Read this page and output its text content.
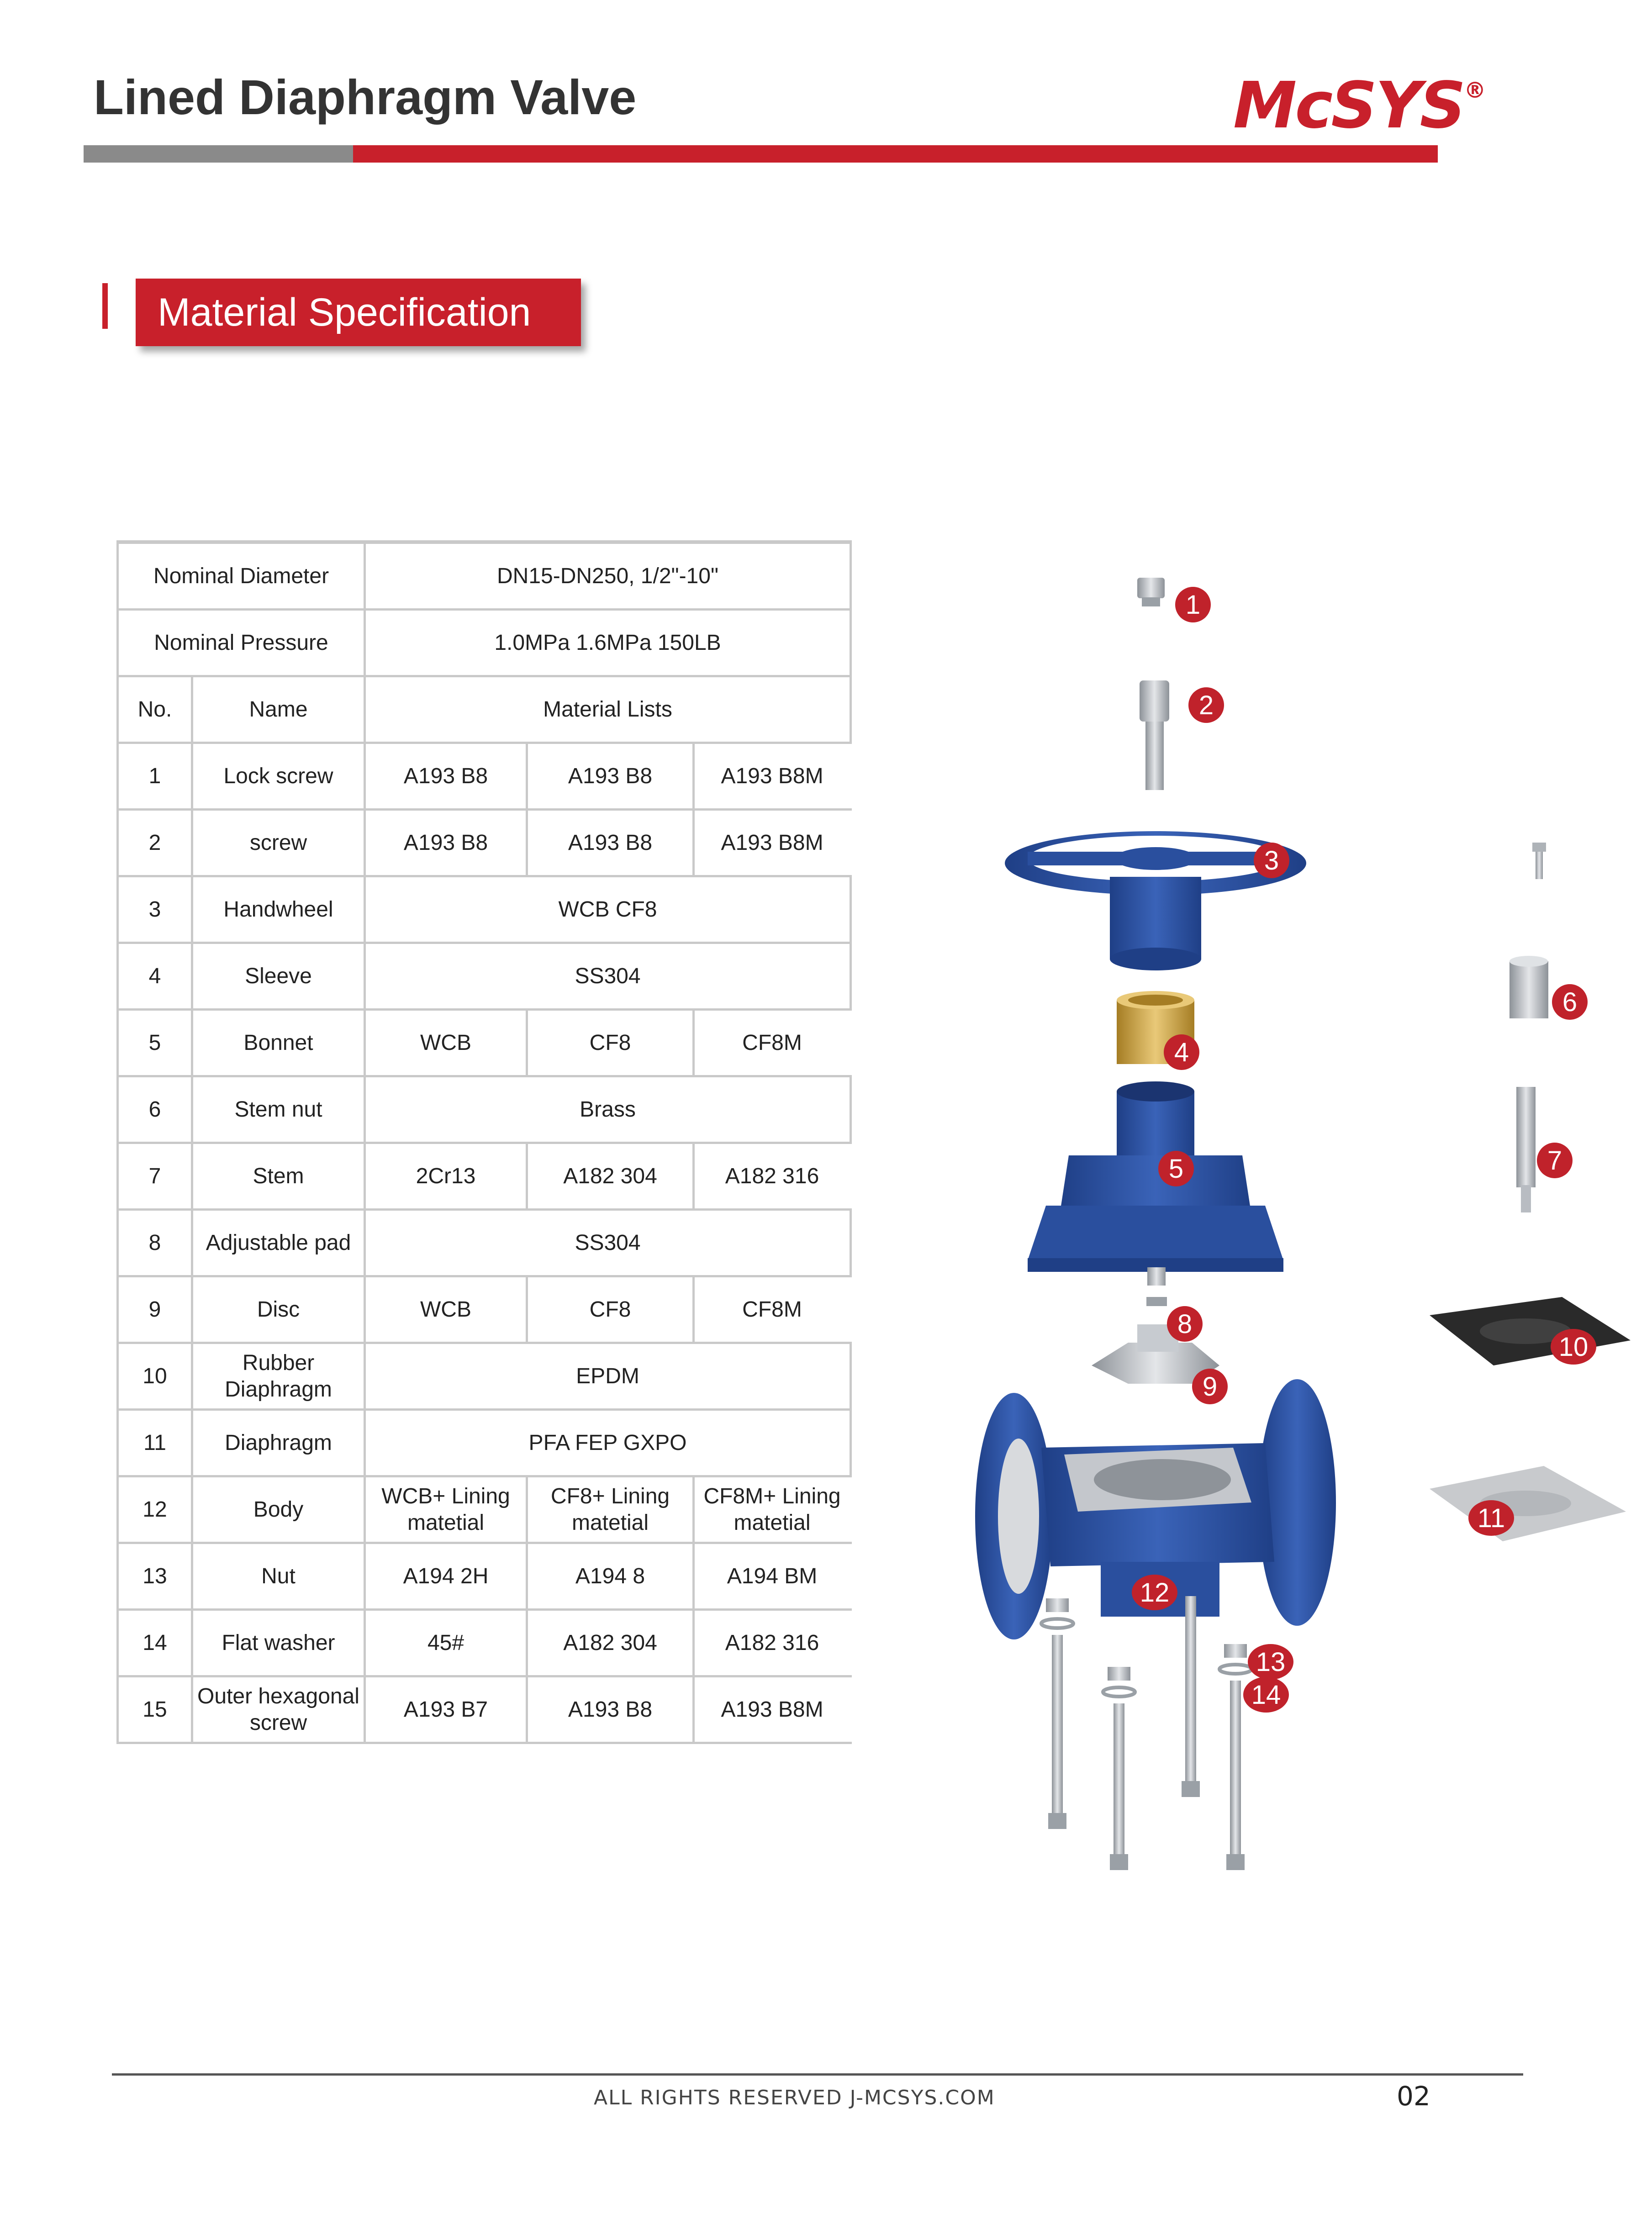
Lined Diaphragm Valve	McSYS®
Material Specification
Nominal Diameter		DN15-DN250, 1/2"-10"		
Nominal Pressure		1.0MPa 1.6MPa 150LB		
No.	Name	Material Lists		
1	Lock screw	A193 B8	A193 B8	A193 B8M
2	screw	A193 B8	A193 B8	A193 B8M
3	Handwheel	WCB CF8		
4	Sleeve	SS304		
5	Bonnet	WCB	CF8	CF8M
6	Stem nut	Brass		
7	Stem	2Cr13	A182 304	A182 316
8	Adjustable pad	SS304		
9	Disc	WCB	CF8	CF8M
10	Rubber Diaphragm	EPDM		
11	Diaphragm	PFA FEP GXPO		
12	Body	WCB+ Lining matetial	CF8+ Lining matetial	CF8M+ Lining matetial
13	Nut	A194 2H	A194 8	A194 BM
14	Flat washer	45#	A182 304	A182 316
15	Outer hexagonal screw	A193 B7	A193 B8	A193 B8M
1
2
3
4
5
6
7
8
9
10
11
12
13
14
ALL RIGHTS RESERVED J-MCSYS.COM	02
